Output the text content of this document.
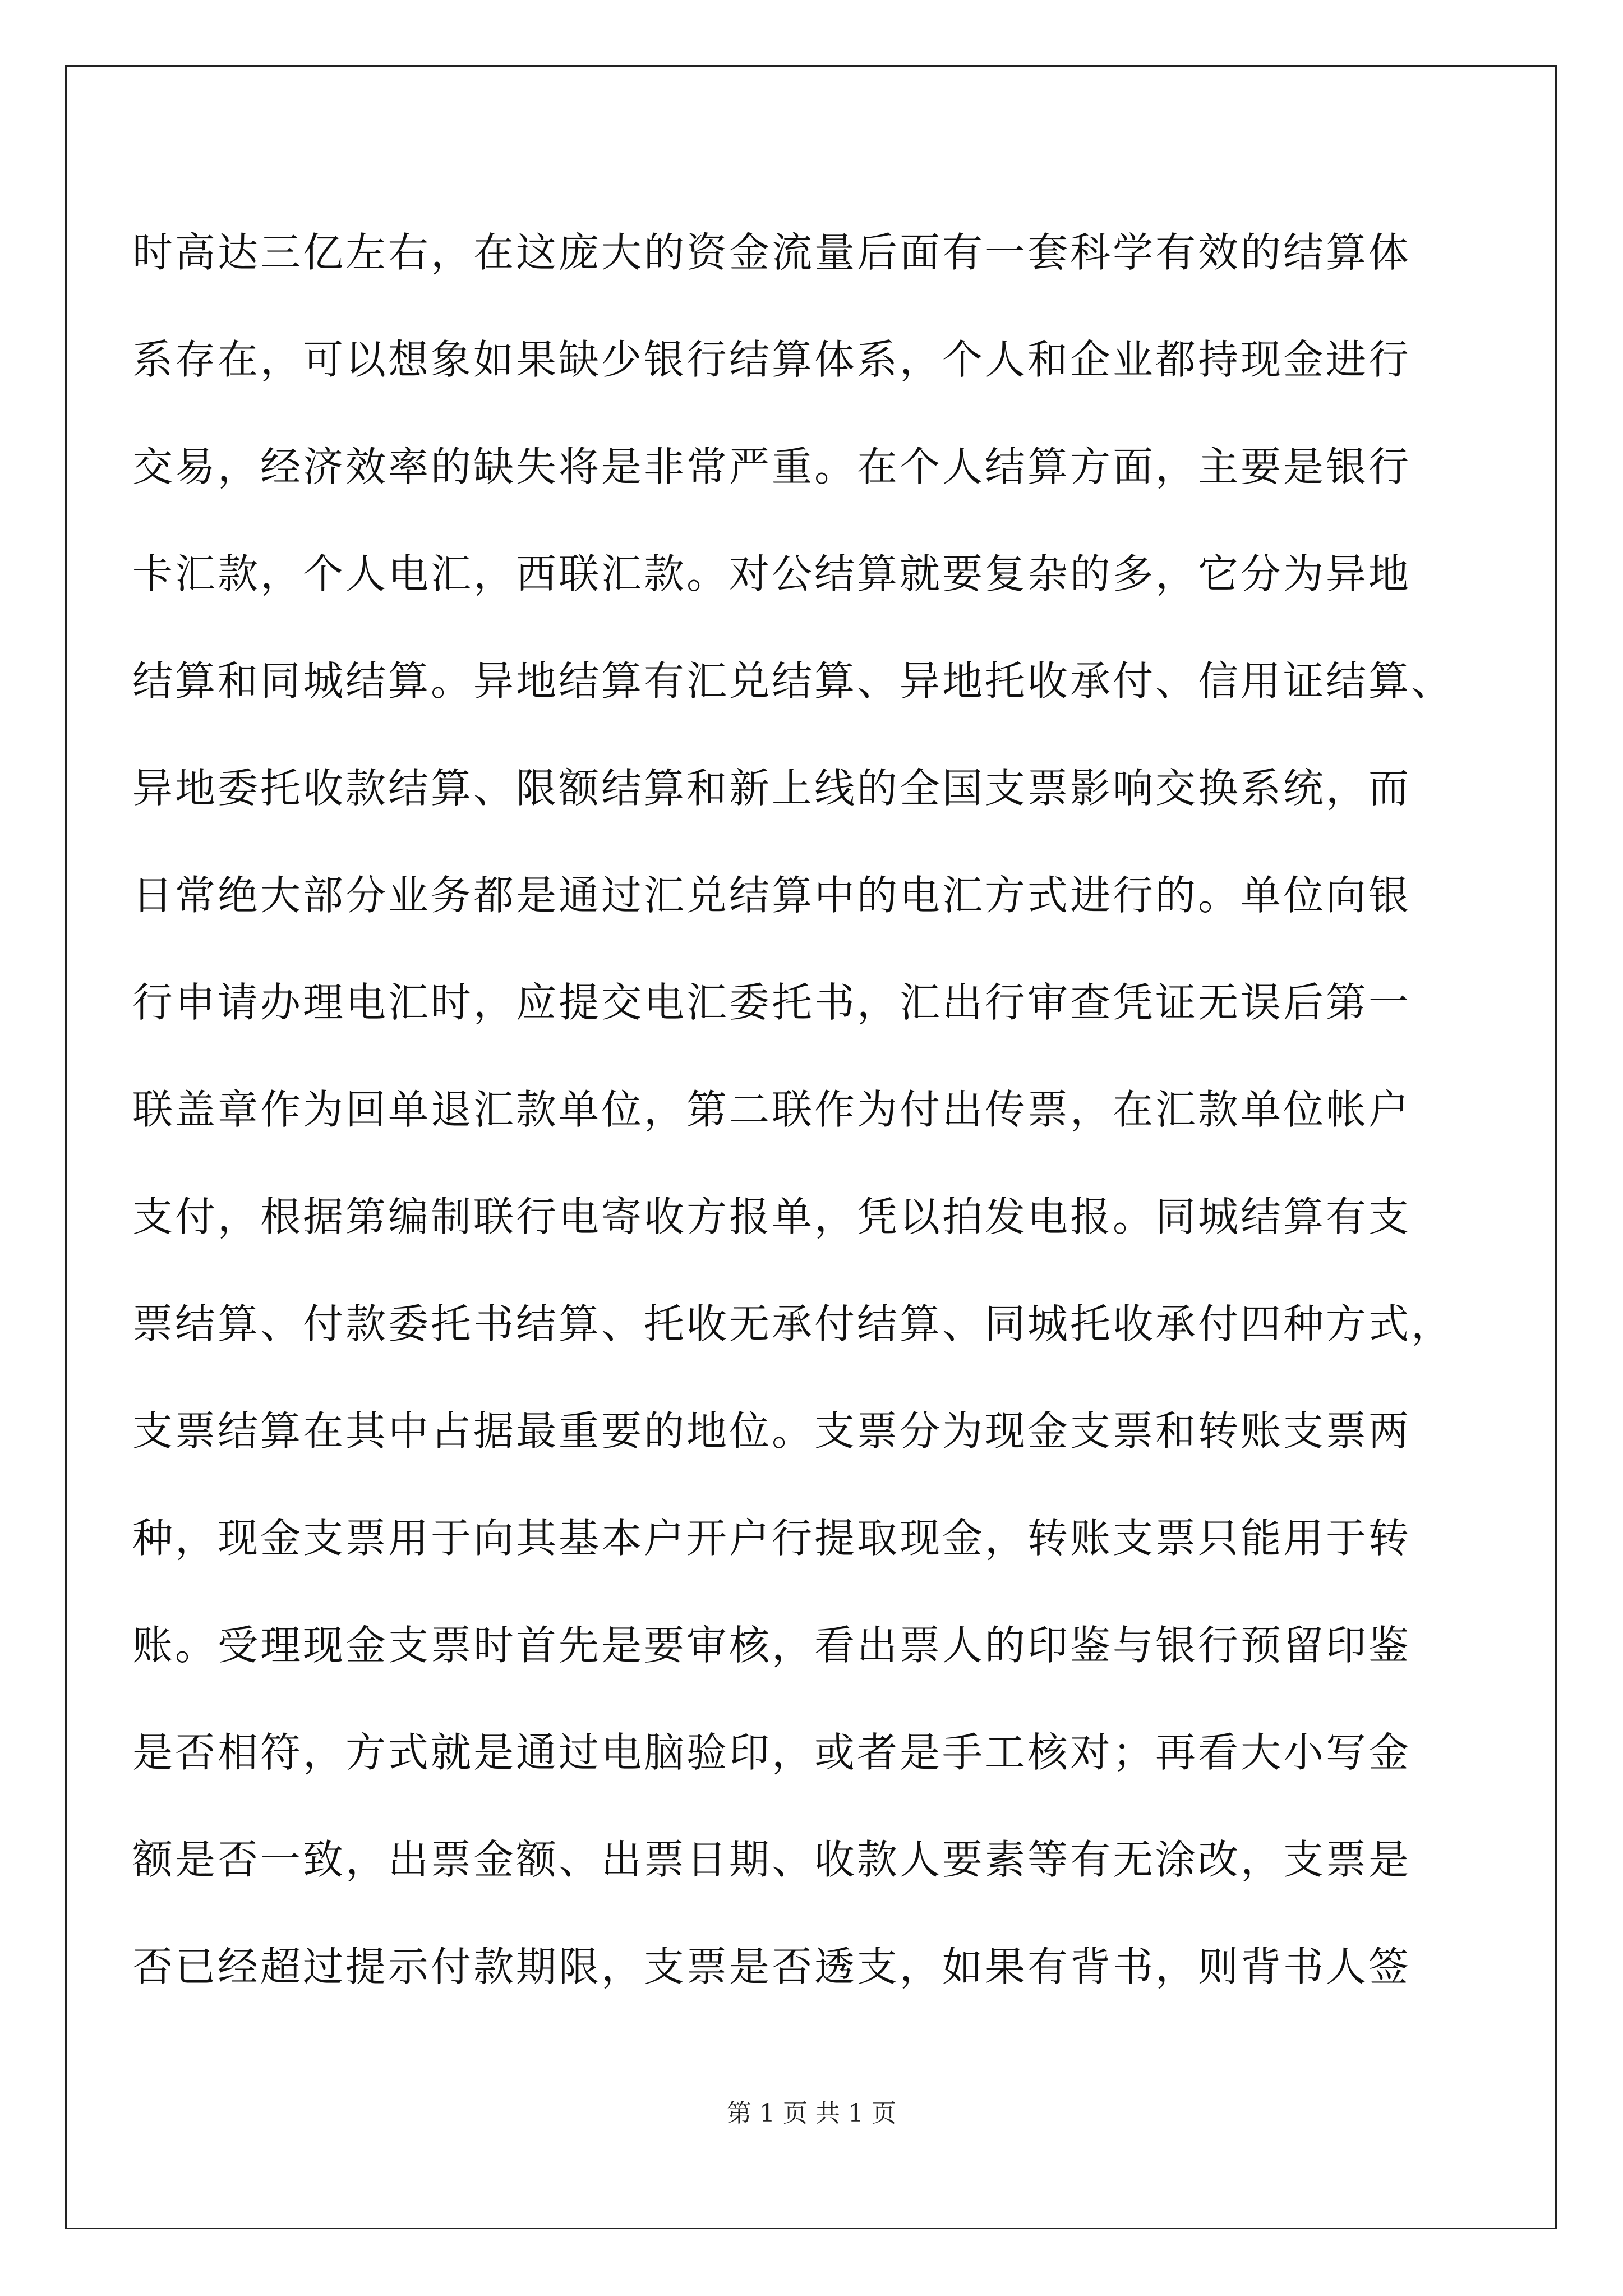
时高达三亿左右，在这庞大的资金流量后面有一套科学有效的结算体
系存在，可以想象如果缺少银行结算体系，个人和企业都持现金进行
交易，经济效率的缺失将是非常严重。在个人结算方面，主要是银行
卡汇款，个人电汇，西联汇款。对公结算就要复杂的多，它分为异地
结算和同城结算。异地结算有汇兑结算、异地托收承付、信用证结算、
异地委托收款结算、限额结算和新上线的全国支票影响交换系统，而
日常绝大部分业务都是通过汇兑结算中的电汇方式进行的。单位向银
行申请办理电汇时，应提交电汇委托书，汇出行审查凭证无误后第一
联盖章作为回单退汇款单位，第二联作为付出传票，在汇款单位帐户
支付，根据第编制联行电寄收方报单，凭以拍发电报。同城结算有支
票结算、付款委托书结算、托收无承付结算、同城托收承付四种方式，
支票结算在其中占据最重要的地位。支票分为现金支票和转账支票两
种，现金支票用于向其基本户开户行提取现金，转账支票只能用于转
账。受理现金支票时首先是要审核，看出票人的印鉴与银行预留印鉴
是否相符，方式就是通过电脑验印，或者是手工核对；再看大小写金
额是否一致，出票金额、出票日期、收款人要素等有无涂改，支票是
否已经超过提示付款期限，支票是否透支，如果有背书，则背书人签
第 1 页 共 1 页
